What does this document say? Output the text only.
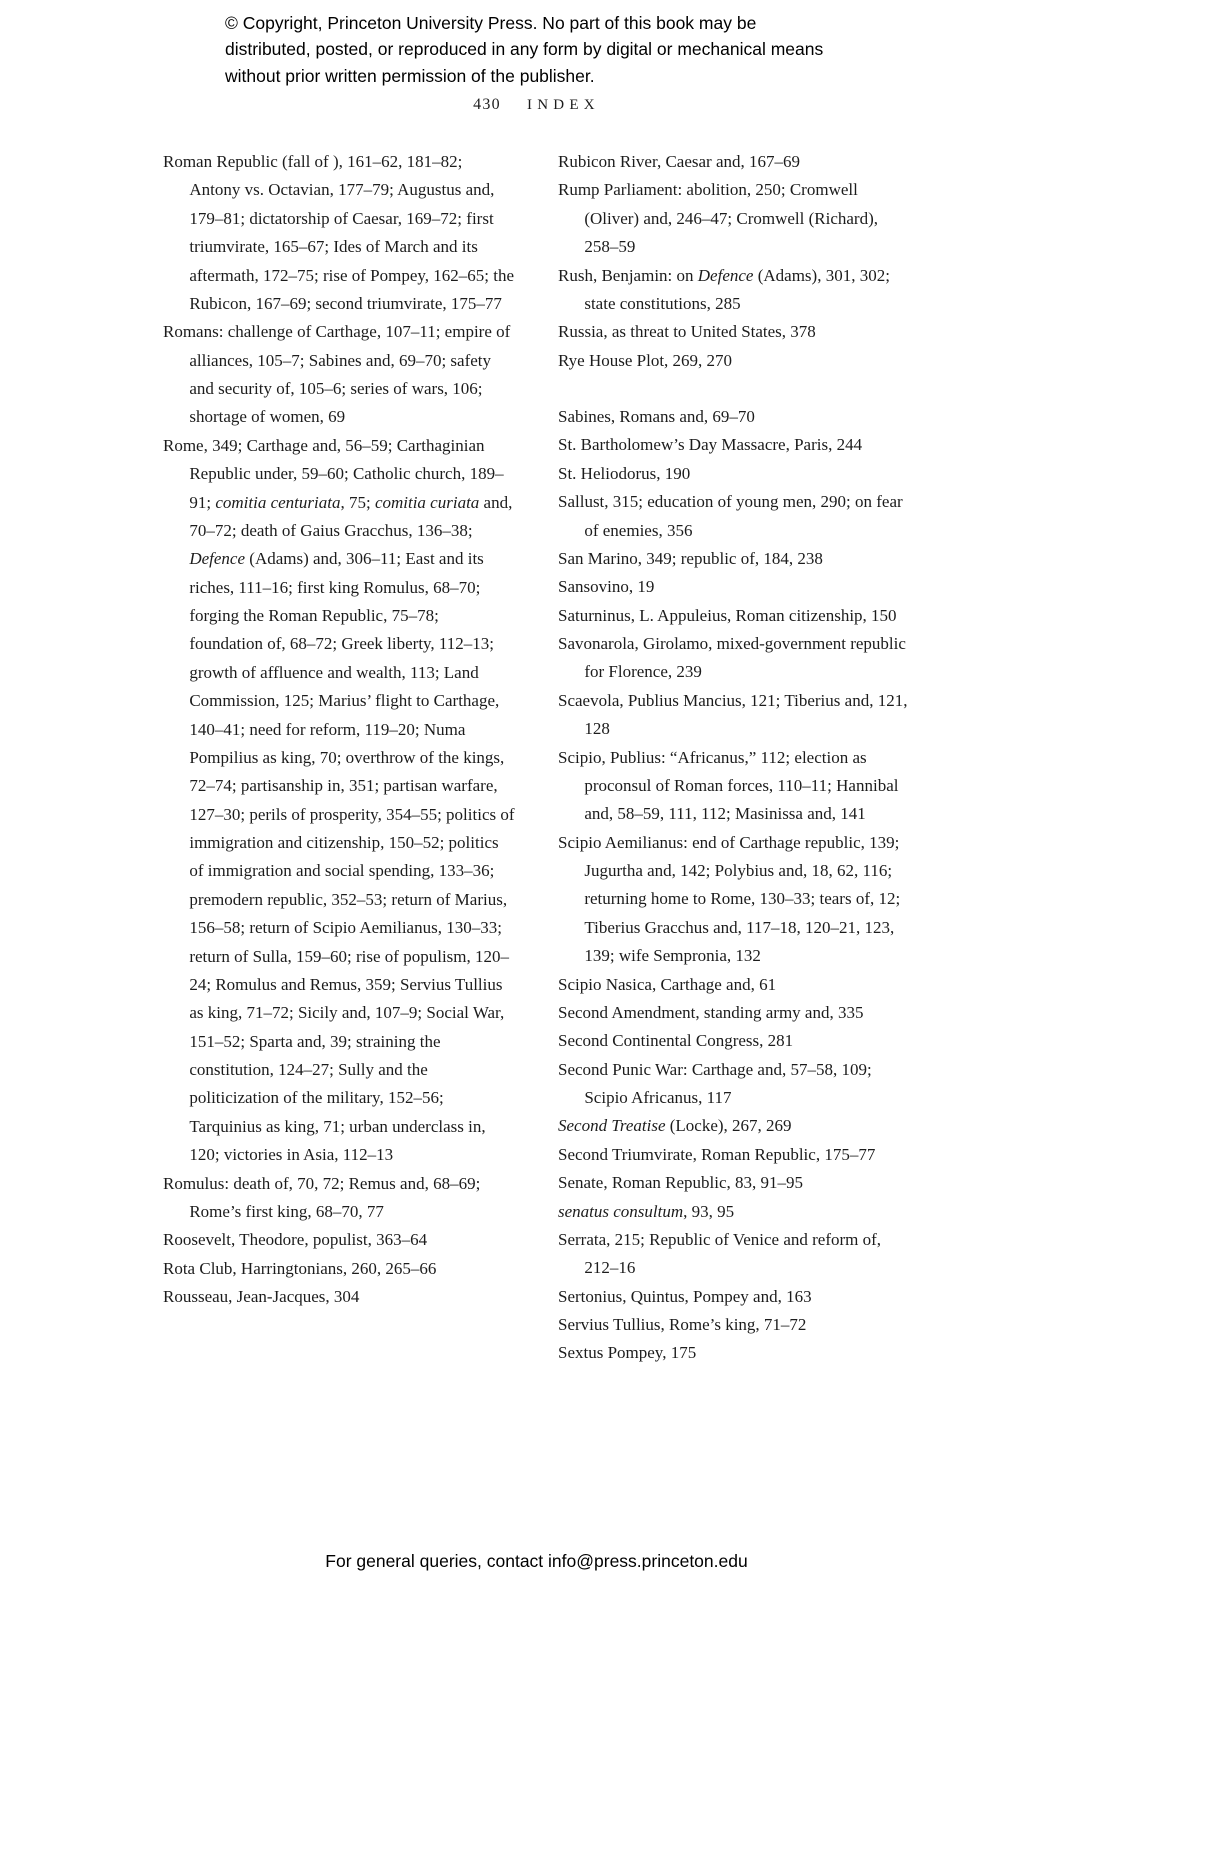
© Copyright, Princeton University Press. No part of this book may be distributed, posted, or reproduced in any form by digital or mechanical means without prior written permission of the publisher.
430 INDEX
Roman Republic (fall of ), 161–62, 181–82; Antony vs. Octavian, 177–79; Augustus and, 179–81; dictatorship of Caesar, 169–72; first triumvirate, 165–67; Ides of March and its aftermath, 172–75; rise of Pompey, 162–65; the Rubicon, 167–69; second triumvirate, 175–77
Romans: challenge of Carthage, 107–11; empire of alliances, 105–7; Sabines and, 69–70; safety and security of, 105–6; series of wars, 106; shortage of women, 69
Rome, 349; Carthage and, 56–59; Carthaginian Republic under, 59–60; Catholic church, 189–91; comitia centuriata, 75; comitia curiata and, 70–72; death of Gaius Gracchus, 136–38; Defence (Adams) and, 306–11; East and its riches, 111–16; first king Romulus, 68–70; forging the Roman Republic, 75–78; foundation of, 68–72; Greek liberty, 112–13; growth of affluence and wealth, 113; Land Commission, 125; Marius’ flight to Carthage, 140–41; need for reform, 119–20; Numa Pompilius as king, 70; overthrow of the kings, 72–74; partisanship in, 351; partisan warfare, 127–30; perils of prosperity, 354–55; politics of immigration and citizenship, 150–52; politics of immigration and social spending, 133–36; premodern republic, 352–53; return of Marius, 156–58; return of Scipio Aemilianus, 130–33; return of Sulla, 159–60; rise of populism, 120–24; Romulus and Remus, 359; Servius Tullius as king, 71–72; Sicily and, 107–9; Social War, 151–52; Sparta and, 39; straining the constitution, 124–27; Sully and the politicization of the military, 152–56; Tarquinius as king, 71; urban underclass in, 120; victories in Asia, 112–13
Romulus: death of, 70, 72; Remus and, 68–69; Rome’s first king, 68–70, 77
Roosevelt, Theodore, populist, 363–64
Rota Club, Harringtonians, 260, 265–66
Rousseau, Jean-Jacques, 304
Rubicon River, Caesar and, 167–69
Rump Parliament: abolition, 250; Cromwell (Oliver) and, 246–47; Cromwell (Richard), 258–59
Rush, Benjamin: on Defence (Adams), 301, 302; state constitutions, 285
Russia, as threat to United States, 378
Rye House Plot, 269, 270
Sabines, Romans and, 69–70
St. Bartholomew’s Day Massacre, Paris, 244
St. Heliodorus, 190
Sallust, 315; education of young men, 290; on fear of enemies, 356
San Marino, 349; republic of, 184, 238
Sansovino, 19
Saturninus, L. Appuleius, Roman citizenship, 150
Savonarola, Girolamo, mixed-government republic for Florence, 239
Scaevola, Publius Mancius, 121; Tiberius and, 121, 128
Scipio, Publius: “Africanus,” 112; election as proconsul of Roman forces, 110–11; Hannibal and, 58–59, 111, 112; Masinissa and, 141
Scipio Aemilianus: end of Carthage republic, 139; Jugurtha and, 142; Polybius and, 18, 62, 116; returning home to Rome, 130–33; tears of, 12; Tiberius Gracchus and, 117–18, 120–21, 123, 139; wife Sempronia, 132
Scipio Nasica, Carthage and, 61
Second Amendment, standing army and, 335
Second Continental Congress, 281
Second Punic War: Carthage and, 57–58, 109; Scipio Africanus, 117
Second Treatise (Locke), 267, 269
Second Triumvirate, Roman Republic, 175–77
Senate, Roman Republic, 83, 91–95
senatus consultum, 93, 95
Serrata, 215; Republic of Venice and reform of, 212–16
Sertonius, Quintus, Pompey and, 163
Servius Tullius, Rome’s king, 71–72
Sextus Pompey, 175
For general queries, contact info@press.princeton.edu
